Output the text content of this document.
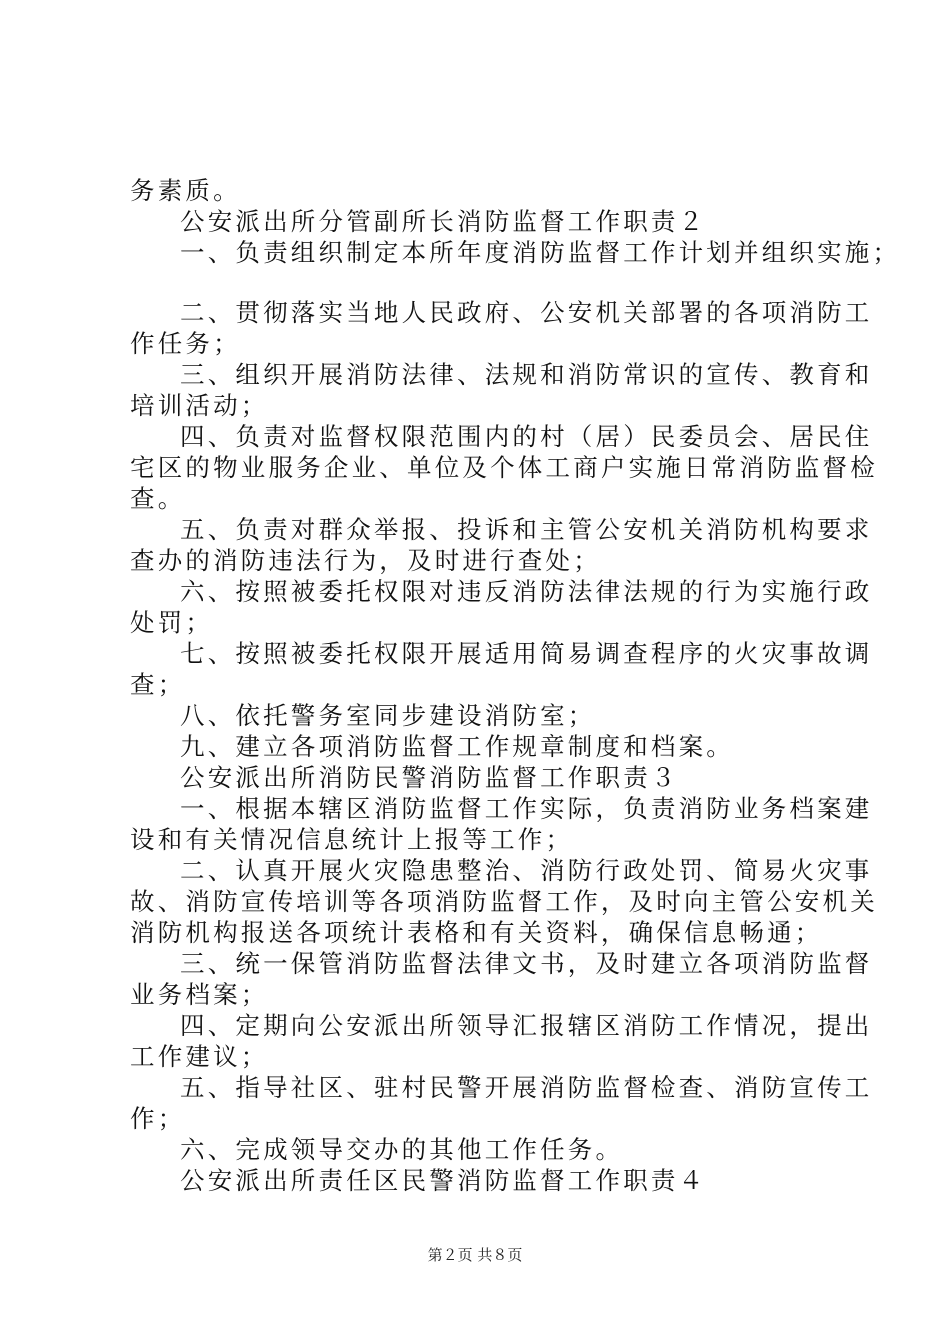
务素质。
公安派出所分管副所长消防监督工作职责２
一、负责组织制定本所年度消防监督工作计划并组织实施；
二、贯彻落实当地人民政府、公安机关部署的各项消防工
作任务；
三、组织开展消防法律、法规和消防常识的宣传、教育和
培训活动；
四、负责对监督权限范围内的村（居）民委员会、居民住
宅区的物业服务企业、单位及个体工商户实施日常消防监督检
查。
五、负责对群众举报、投诉和主管公安机关消防机构要求
查办的消防违法行为，及时进行查处；
六、按照被委托权限对违反消防法律法规的行为实施行政
处罚；
七、按照被委托权限开展适用简易调查程序的火灾事故调
查；
八、依托警务室同步建设消防室；
九、建立各项消防监督工作规章制度和档案。
公安派出所消防民警消防监督工作职责３
一、根据本辖区消防监督工作实际，负责消防业务档案建
设和有关情况信息统计上报等工作；
二、认真开展火灾隐患整治、消防行政处罚、简易火灾事
故、消防宣传培训等各项消防监督工作，及时向主管公安机关
消防机构报送各项统计表格和有关资料，确保信息畅通；
三、统一保管消防监督法律文书，及时建立各项消防监督
业务档案；
四、定期向公安派出所领导汇报辖区消防工作情况，提出
工作建议；
五、指导社区、驻村民警开展消防监督检查、消防宣传工
作；
六、完成领导交办的其他工作任务。
公安派出所责任区民警消防监督工作职责４
第２页 共８页
